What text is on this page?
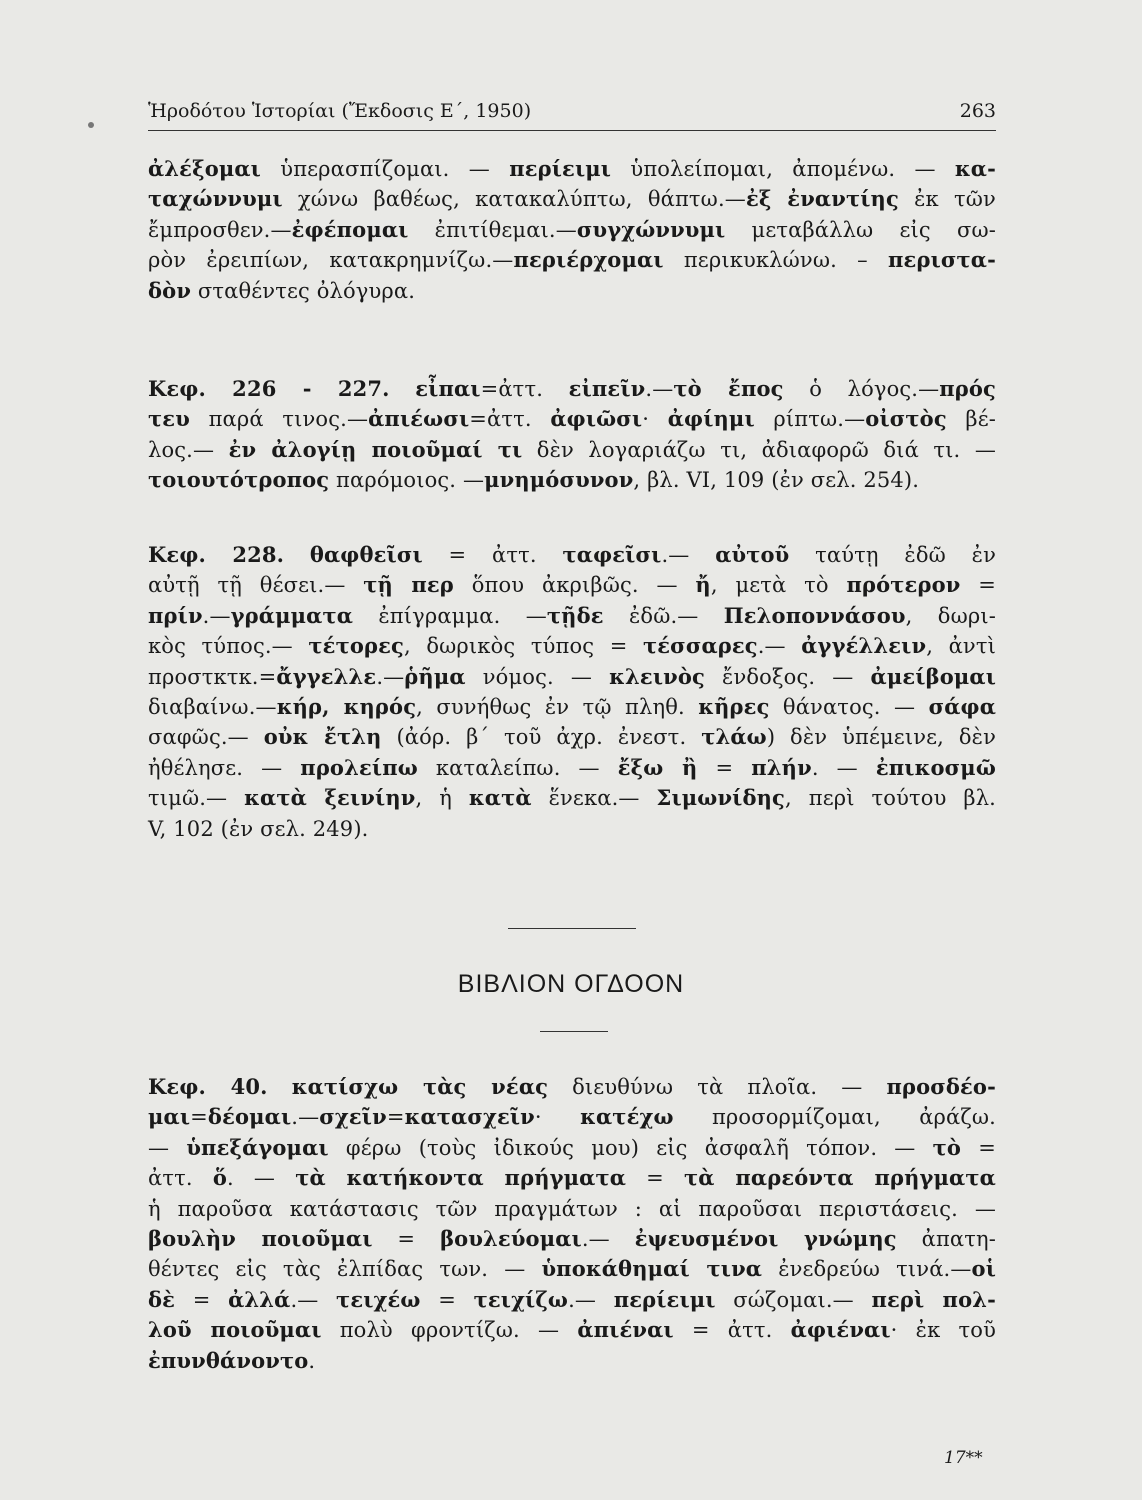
Ἡροδότου Ἱστορίαι (Ἔκδοσις Ε΄, 1950)	263
ἀλέξομαι ὑπερασπίζομαι. — περίειμι ὑπολείπομαι, ἀπομένω. — κα-
ταχώννυμι χώνω βαθέως, κατακαλύπτω, θάπτω.—ἐξ ἐναντίης ἐκ τῶν
ἔμπροσθεν.—ἐφέπομαι ἐπιτίθεμαι.—συγχώννυμι μεταβάλλω εἰς σω-
ρὸν ἐρειπίων, κατακρημνίζω.—περιέρχομαι περικυκλώνω. – περιστα-
δὸν σταθέντες ὀλόγυρα.
Κεφ. 226 - 227. εἶπαι=ἀττ. εἰπεῖν.—τὸ ἔπος ὁ λόγος.—πρός
τευ παρά τινος.—ἀπιέωσι=ἀττ. ἀφιῶσι· ἀφίημι ρίπτω.—οἰστὸς βέ-
λος.— ἐν ἀλογίῃ ποιοῦμαί τι δὲν λογαριάζω τι, ἀδιαφορῶ διά τι. —
τοιουτότροπος παρόμοιος. —μνημόσυνον, βλ. VI, 109 (ἐν σελ. 254).
Κεφ. 228. θαφθεῖσι = ἀττ. ταφεῖσι.— αὐτοῦ ταύτῃ ἐδῶ ἐν
αὐτῇ τῇ θέσει.— τῇ περ ὅπου ἀκριβῶς. — ἤ, μετὰ τὸ πρότερον =
πρίν.—γράμματα ἐπίγραμμα. —τῇδε ἐδῶ.— Πελοποννάσου, δωρι-
κὸς τύπος.— τέτορες, δωρικὸς τύπος = τέσσαρες.— ἀγγέλλειν, ἀντὶ
προστκτκ.=ἄγγελλε.—ῥῆμα νόμος. — κλεινὸς ἔνδοξος. — ἀμείβομαι
διαβαίνω.—κήρ, κηρός, συνήθως ἐν τῷ πληθ. κῆρες θάνατος. — σάφα
σαφῶς.— οὐκ ἔτλη (ἀόρ. β΄ τοῦ ἀχρ. ἐνεστ. τλάω) δὲν ὑπέμεινε, δὲν
ἠθέλησε. — προλείπω καταλείπω. — ἔξω ἢ = πλήν. — ἐπικοσμῶ
τιμῶ.— κατὰ ξεινίην, ἡ κατὰ ἕνεκα.— Σιμωνίδης, περὶ τούτου βλ.
V, 102 (ἐν σελ. 249).
ΒΙΒΛΙΟΝ ΟΓΔΟΟΝ
Κεφ. 40. κατίσχω τὰς νέας διευθύνω τὰ πλοῖα. — προσδέο-
μαι=δέομαι.—σχεῖν=κατασχεῖν· κατέχω προσορμίζομαι, ἀράζω.
— ὑπεξάγομαι φέρω (τοὺς ἰδικούς μου) εἰς ἀσφαλῆ τόπον. — τὸ =
ἀττ. ὅ. — τὰ κατήκοντα πρήγματα = τὰ παρεόντα πρήγματα
ἡ παροῦσα κατάστασις τῶν πραγμάτων : αἱ παροῦσαι περιστάσεις. —
βουλὴν ποιοῦμαι = βουλεύομαι.— ἐψευσμένοι γνώμης ἀπατη-
θέντες εἰς τὰς ἐλπίδας των. — ὑποκάθημαί τινα ἐνεδρεύω τινά.—οἱ
δὲ = ἀλλά.— τειχέω = τειχίζω.— περίειμι σώζομαι.— περὶ πολ-
λοῦ ποιοῦμαι πολὺ φροντίζω. — ἀπιέναι = ἀττ. ἀφιέναι· ἐκ τοῦ
ἐπυνθάνοντο.
17**
